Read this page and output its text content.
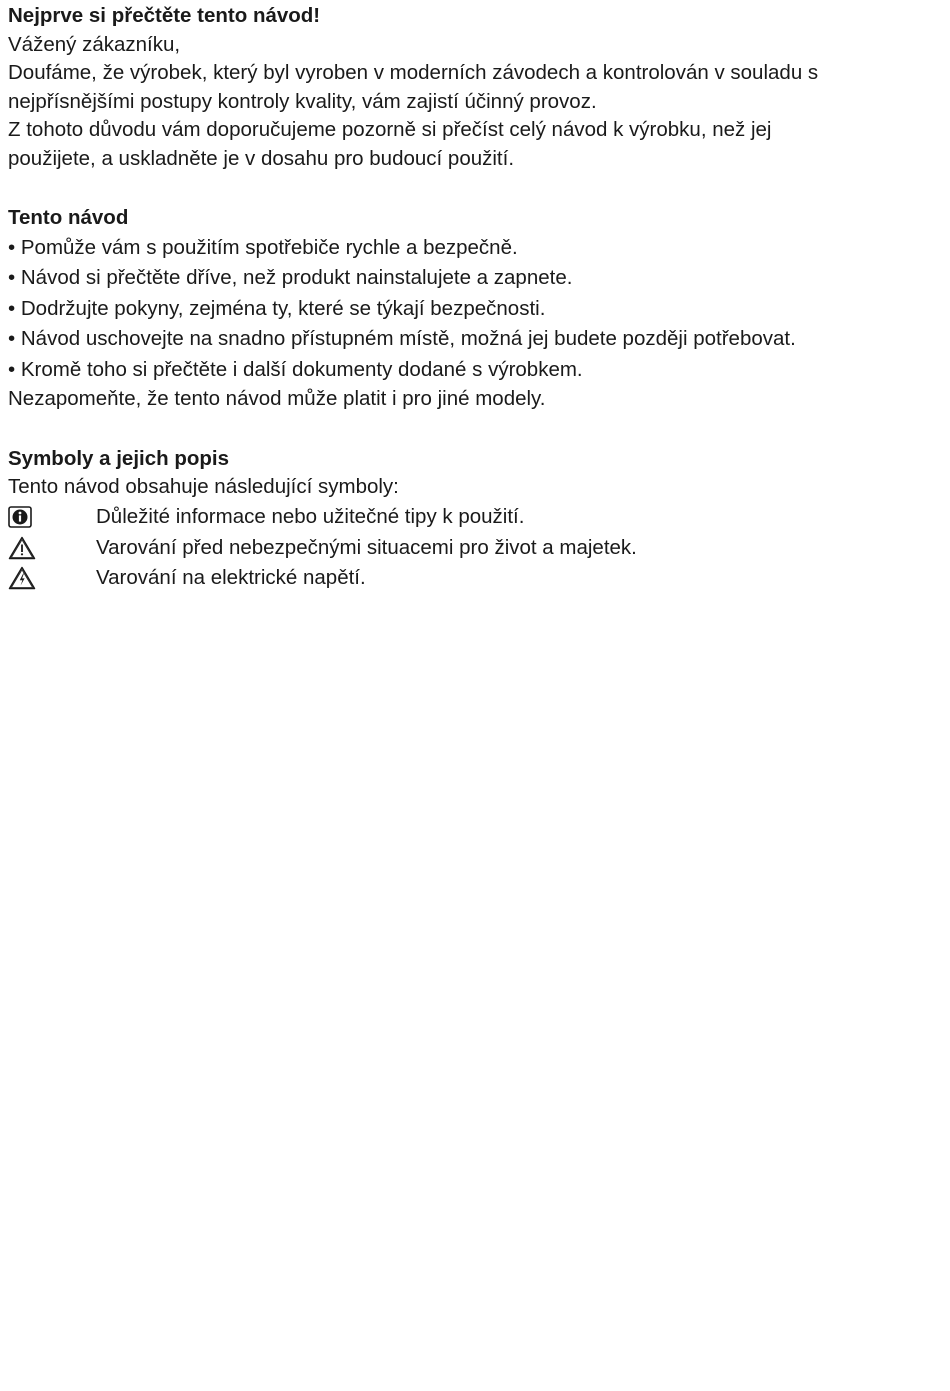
Nejprve si přečtěte tento návod!

Vážený zákazníku,

Doufáme, že výrobek, který byl vyroben v moderních závodech a kontrolován v souladu s

nejpřísnějšími postupy kontroly kvality, vám zajistí účinný provoz.

Z tohoto důvodu vám doporučujeme pozorně si přečíst celý návod k výrobku, než jej

použijete, a uskladněte je v dosahu pro budoucí použití.

Tento návod

• Pomůže vám s použitím spotřebiče rychle a bezpečně.

• Návod si přečtěte dříve, než produkt nainstalujete a zapnete.

• Dodržujte pokyny, zejména ty, které se týkají bezpečnosti.

• Návod uschovejte na snadno přístupném místě, možná jej budete později potřebovat.

• Kromě toho si přečtěte i další dokumenty dodané s výrobkem.

Nezapomeňte, že tento návod může platit i pro jiné modely.

Symboly a jejich popis

Tento návod obsahuje následující symboly:

Důležité informace nebo užitečné tipy k použití.
Varování před nebezpečnými situacemi pro život a majetek.
Varování na elektrické napětí.
